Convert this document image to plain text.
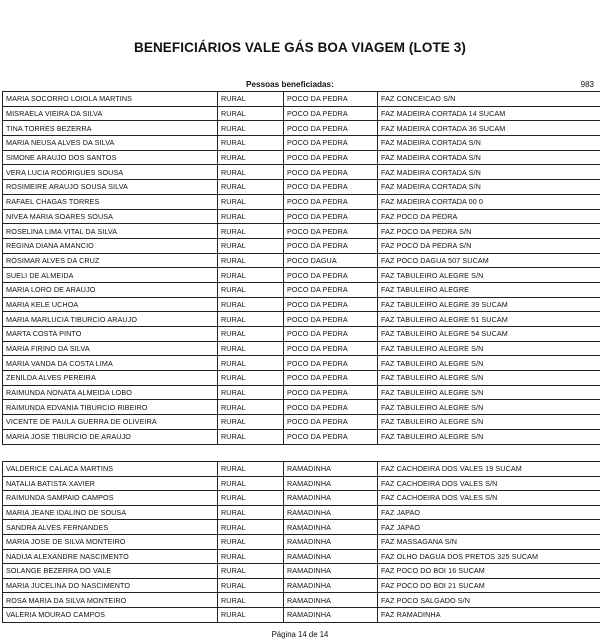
BENEFICIÁRIOS VALE GÁS BOA VIAGEM (LOTE 3)
Pessoas beneficiadas:	983
MARIA SOCORRO LOIOLA MARTINS	RURAL	POCO DA PEDRA	FAZ CONCEICAO S/N
MISRAELA VIEIRA DA SILVA	RURAL	POCO DA PEDRA	FAZ MADEIRA CORTADA 14 SUCAM
TINA TORRES BEZERRA	RURAL	POCO DA PEDRA	FAZ MADEIRA CORTADA 36 SUCAM
MARIA NEUSA ALVES DA SILVA	RURAL	POCO DA PEDRA	FAZ MADEIRA CORTADA S/N
SIMONE ARAUJO DOS SANTOS	RURAL	POCO DA PEDRA	FAZ MADEIRA CORTADA S/N
VERA LUCIA RODRIGUES SOUSA	RURAL	POCO DA PEDRA	FAZ MADEIRA CORTADA S/N
ROSIMEIRE ARAUJO SOUSA SILVA	RURAL	POCO DA PEDRA	FAZ MADEIRA CORTADA S/N
RAFAEL CHAGAS TORRES	RURAL	POCO DA PEDRA	FAZ MADEIRA CORTADA 00 0
NIVEA MARIA SOARES SOUSA	RURAL	POCO DA PEDRA	FAZ POCO DA PEDRA
ROSELINA LIMA VITAL DA SILVA	RURAL	POCO DA PEDRA	FAZ POCO DA PEDRA S/N
REGINA DIANA AMANCIO	RURAL	POCO DA PEDRA	FAZ POCO DA PEDRA S/N
ROSIMAR ALVES DA CRUZ	RURAL	POCO DAGUA	FAZ POCO DAGUA 507 SUCAM
SUELI DE ALMEIDA	RURAL	POCO DA PEDRA	FAZ TABULEIRO ALEGRE S/N
MARIA LORO DE ARAUJO	RURAL	POCO DA PEDRA	FAZ TABULEIRO ALEGRE
MARIA KELE UCHOA	RURAL	POCO DA PEDRA	FAZ TABULEIRO ALEGRE 39 SUCAM
MARIA MARLUCIA TIBURCIO ARAUJO	RURAL	POCO DA PEDRA	FAZ TABULEIRO ALEGRE 51 SUCAM
MARTA COSTA PINTO	RURAL	POCO DA PEDRA	FAZ TABULEIRO ALEGRE 54 SUCAM
MARIA FIRINO DA SILVA	RURAL	POCO DA PEDRA	FAZ TABULEIRO ALEGRE S/N
MARIA VANDA DA COSTA LIMA	RURAL	POCO DA PEDRA	FAZ TABULEIRO ALEGRE S/N
ZENILDA ALVES PEREIRA	RURAL	POCO DA PEDRA	FAZ TABULEIRO ALEGRE S/N
RAIMUNDA NONATA ALMEIDA LOBO	RURAL	POCO DA PEDRA	FAZ TABULEIRO ALEGRE S/N
RAIMUNDA EDVANIA TIBURCIO RIBEIRO	RURAL	POCO DA PEDRA	FAZ TABULEIRO ALEGRE S/N
VICENTE DE PAULA GUERRA DE OLIVEIRA	RURAL	POCO DA PEDRA	FAZ TABULEIRO ALEGRE S/N
MARIA JOSE TIBURCIO DE ARAUJO	RURAL	POCO DA PEDRA	FAZ TABULEIRO ALEGRE S/N
VALDERICE CALACA MARTINS	RURAL	RAMADINHA	FAZ CACHOEIRA DOS VALES 19 SUCAM
NATALIA BATISTA XAVIER	RURAL	RAMADINHA	FAZ CACHOEIRA DOS VALES S/N
RAIMUNDA SAMPAIO CAMPOS	RURAL	RAMADINHA	FAZ CACHOEIRA DOS VALES S/N
MARIA JEANE IDALINO DE SOUSA	RURAL	RAMADINHA	FAZ JAPAO
SANDRA ALVES FERNANDES	RURAL	RAMADINHA	FAZ JAPAO
MARIA JOSE DE SILVA MONTEIRO	RURAL	RAMADINHA	FAZ MASSAGANA S/N
NADIJA ALEXANDRE NASCIMENTO	RURAL	RAMADINHA	FAZ OLHO DAGUA DOS PRETOS 325 SUCAM
SOLANGE BEZERRA DO VALE	RURAL	RAMADINHA	FAZ POCO DO BOI 16 SUCAM
MARIA JUCELINA DO NASCIMENTO	RURAL	RAMADINHA	FAZ POCO DO BOI 21 SUCAM
ROSA MARIA DA SILVA MONTEIRO	RURAL	RAMADINHA	FAZ POCO SALGADO S/N
VALERIA MOURAO CAMPOS	RURAL	RAMADINHA	FAZ RAMADINHA
Página 14 de 14
